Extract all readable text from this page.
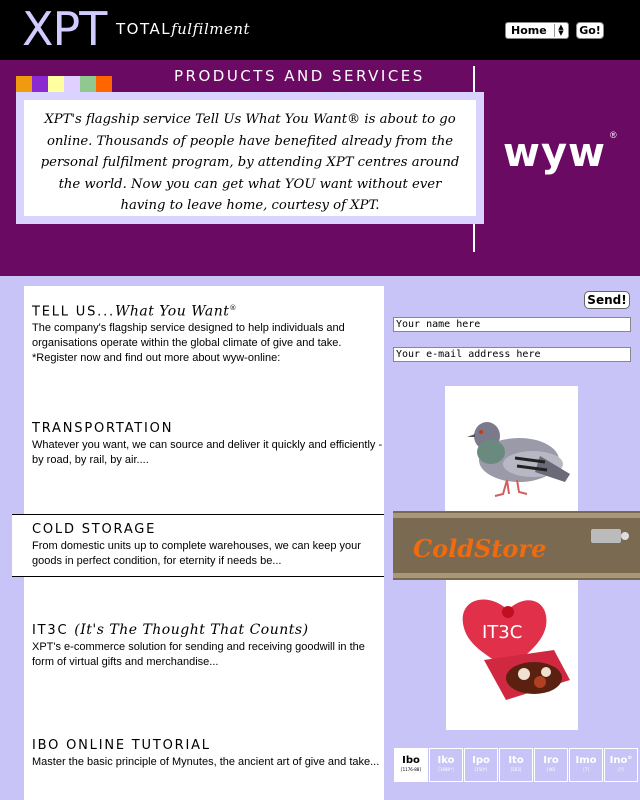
XPT TOTALfulfilment	Home	▲
▼	Go!
PRODUCTS AND SERVICES
XPT's flagship service Tell Us What You Want® is about to go online. Thousands of people have benefited already from the personal fulfilment program, by attending XPT centres around the world. Now you can get what YOU want without ever having to leave home, courtesy of XPT.
wyw ®
TELL US...What You Want®
The company's flagship service designed to help individuals and organisations operate within the global climate of give and take. *Register now and find out more about wyw-online:
TRANSPORTATION
Whatever you want, we can source and deliver it quickly and efficiently - by road, by rail, by air....
COLD STORAGE
From domestic units up to complete warehouses, we can keep your goods in perfect condition, for eternity if needs be...
IT3C (It's The Thought That Counts)
XPT's e-commerce solution for sending and receiving goodwill in the form of virtual gifts and merchandise...
IBO ONLINE TUTORIAL
Master the basic principle of Mynutes, the ancient art of give and take...
Send!
Your name here
Your e-mail address here
ColdStore
IT3C
Ibo
[1176-88]
Iko
[1686*]
Ipo
[150*]
Ito
[563]
Iro
[46]
Imo
[7]
Ino°
[?]
